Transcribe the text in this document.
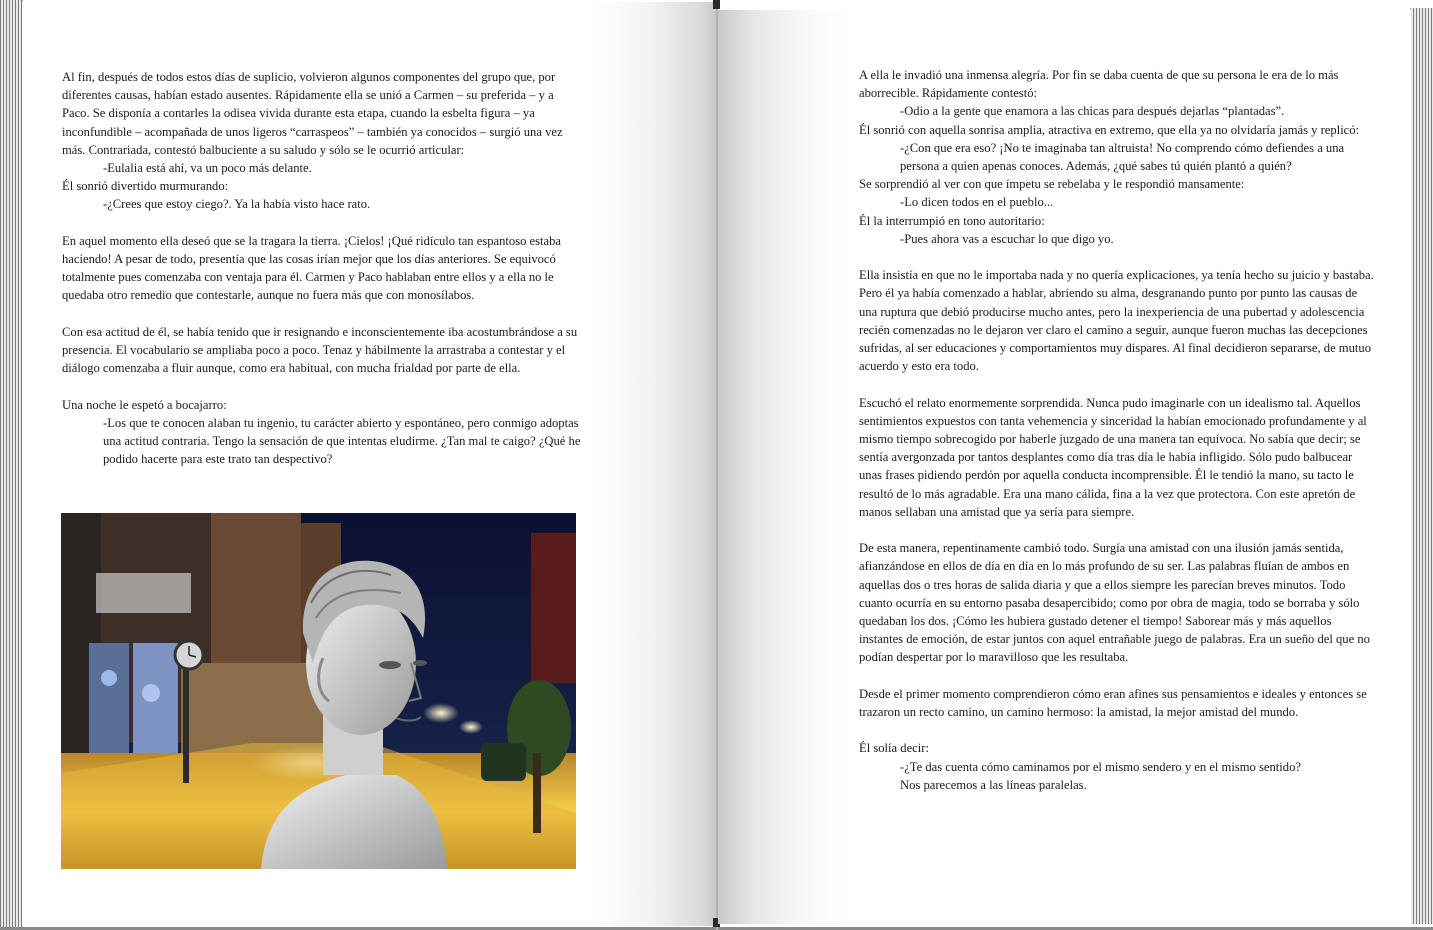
Al fin, después de todos estos días de suplicio, volvieron algunos componentes del grupo que, por diferentes causas, habían estado ausentes. Rápidamente ella se unió a Carmen – su preferida – y a Paco. Se disponía a contarles la odisea vivida durante esta etapa, cuando la esbelta figura – ya inconfundible – acompañada de unos ligeros “carraspeos” – también ya conocidos – surgió una vez más. Contrariada, contestó balbuciente a su saludo y sólo se le ocurrió articular:

-Eulalia está ahí, va un poco más delante.

Él sonrió divertido murmurando:

-¿Crees que estoy ciego?. Ya la había visto hace rato.

En aquel momento ella deseó que se la tragara la tierra. ¡Cielos! ¡Qué ridículo tan espantoso estaba haciendo! A pesar de todo, presentía que las cosas irían mejor que los días anteriores. Se equivocó totalmente pues comenzaba con ventaja para él. Carmen y Paco hablaban entre ellos y a ella no le quedaba otro remedio que contestarle, aunque no fuera más que con monosílabos.

Con esa actitud de él, se había tenido que ir resignando e inconscientemente iba acostumbrándose a su presencia. El vocabulario se ampliaba poco a poco. Tenaz y hábilmente la arrastraba a contestar y el diálogo comenzaba a fluir aunque, como era habitual, con mucha frialdad por parte de ella.

Una noche le espetó a bocajarro:

-Los que te conocen alaban tu ingenio, tu carácter abierto y espontáneo, pero conmigo adoptas una actitud contraria. Tengo la sensación de que intentas eludirme. ¿Tan mal te caigo? ¿Qué he podido hacerte para este trato tan despectivo?

A ella le invadió una inmensa alegría. Por fin se daba cuenta de que su persona le era de lo más aborrecible. Rápidamente contestó:

-Odio a la gente que enamora a las chicas para después dejarlas “plantadas”.

Él sonrió con aquella sonrisa amplia, atractiva en extremo, que ella ya no olvidaría jamás y replicó:

-¿Con que era eso? ¡No te imaginaba tan altruista! No comprendo cómo defiendes a una persona a quien apenas conoces. Además, ¿qué sabes tú quién plantó a quién?

Se sorprendió al ver con que ímpetu se rebelaba y le respondió mansamente:

-Lo dicen todos en el pueblo...

Él la interrumpió en tono autoritario:

-Pues ahora vas a escuchar lo que digo yo.

Ella insistía en que no le importaba nada y no quería explicaciones, ya tenía hecho su juicio y bastaba. Pero él ya había comenzado a hablar, abriendo su alma, desgranando punto por punto las causas de una ruptura que debió producirse mucho antes, pero la inexperiencia de una pubertad y adolescencia recién comenzadas no le dejaron ver claro el camino a seguir, aunque fueron muchas las decepciones sufridas, al ser educaciones y comportamientos muy dispares. Al final decidieron separarse, de mutuo acuerdo y esto era todo.

Escuchó el relato enormemente sorprendida. Nunca pudo imaginarle con un idealismo tal. Aquellos sentimientos expuestos con tanta vehemencia y sinceridad la habían emocionado profundamente y al mismo tiempo sobrecogido por haberle juzgado de una manera tan equívoca. No sabía que decir; se sentía avergonzada por tantos desplantes como día tras día le había infligido. Sólo pudo balbucear unas frases pidiendo perdón por aquella conducta incomprensible. Él le tendió la mano, su tacto le resultó de lo más agradable. Era una mano cálida, fina a la vez que protectora. Con este apretón de manos sellaban una amistad que ya sería para siempre.

De esta manera, repentinamente cambió todo. Surgía una amistad con una ilusión jamás sentida, afianzándose en ellos de día en día en lo más profundo de su ser. Las palabras fluían de ambos en aquellas dos o tres horas de salida diaria y que a ellos siempre les parecían breves minutos. Todo cuanto ocurría en su entorno pasaba desapercibido; como por obra de magia, todo se borraba y sólo quedaban los dos. ¡Cómo les hubiera gustado detener el tiempo! Saborear más y más aquellos instantes de emoción, de estar juntos con aquel entrañable juego de palabras. Era un sueño del que no podían despertar por lo maravilloso que les resultaba.

Desde el primer momento comprendieron cómo eran afines sus pensamientos e ideales y entonces se trazaron un recto camino, un camino hermoso: la amistad, la mejor amistad del mundo.

Él solía decir:

-¿Te das cuenta cómo caminamos por el mismo sendero y en el mismo sentido?

Nos parecemos a las líneas paralelas.
